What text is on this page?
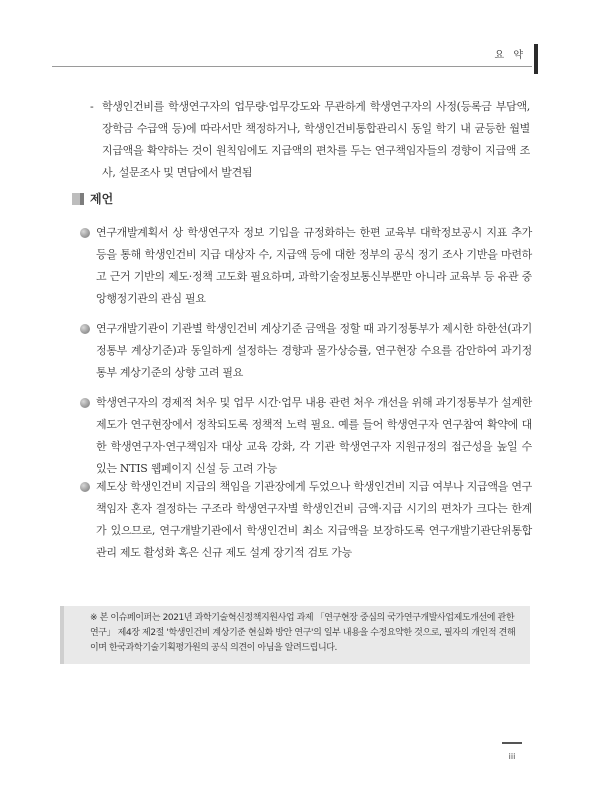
요 약
- 학생인건비를 학생연구자의 업무량·업무강도와 무관하게 학생연구자의 사정(등록금 부담액, 장학금 수급액 등)에 따라서만 책정하거나, 학생인건비통합관리시 동일 학기 내 균등한 월별 지급액을 확약하는 것이 원칙임에도 지급액의 편차를 두는 연구책임자들의 경향이 지급액 조사, 설문조사 및 면담에서 발견됨
제언
연구개발계획서 상 학생연구자 정보 기입을 규정화하는 한편 교육부 대학정보공시 지표 추가 등을 통해 학생인건비 지급 대상자 수, 지급액 등에 대한 정부의 공식 정기 조사 기반을 마련하고 근거 기반의 제도·정책 고도화 필요하며, 과학기술정보통신부뿐만 아니라 교육부 등 유관 중앙행정기관의 관심 필요
연구개발기관이 기관별 학생인건비 계상기준 금액을 정할 때 과기정통부가 제시한 하한선(과기정통부 계상기준)과 동일하게 설정하는 경향과 물가상승률, 연구현장 수요를 감안하여 과기정통부 계상기준의 상향 고려 필요
학생연구자의 경제적 처우 및 업무 시간·업무 내용 관련 처우 개선을 위해 과기정통부가 설계한 제도가 연구현장에서 정착되도록 정책적 노력 필요. 예를 들어 학생연구자 연구참여 확약에 대한 학생연구자·연구책임자 대상 교육 강화, 각 기관 학생연구자 지원규정의 접근성을 높일 수 있는 NTIS 웹페이지 신설 등 고려 가능
제도상 학생인건비 지급의 책임을 기관장에게 두었으나 학생인건비 지급 여부나 지급액을 연구책임자 혼자 결정하는 구조라 학생연구자별 학생인건비 금액·지급 시기의 편차가 크다는 한계가 있으므로, 연구개발기관에서 학생인건비 최소 지급액을 보장하도록 연구개발기관단위통합관리 제도 활성화 혹은 신규 제도 설계 장기적 검토 가능
※ 본 이슈페이퍼는 2021년 과학기술혁신정책지원사업 과제 「연구현장 중심의 국가연구개발사업제도개선에 관한 연구」 제4장 제2절 '학생인건비 계상기준 현실화 방안 연구'의 일부 내용을 수정요약한 것으로, 필자의 개인적 견해이며 한국과학기술기획평가원의 공식 의견이 아님을 알려드립니다.
iii
